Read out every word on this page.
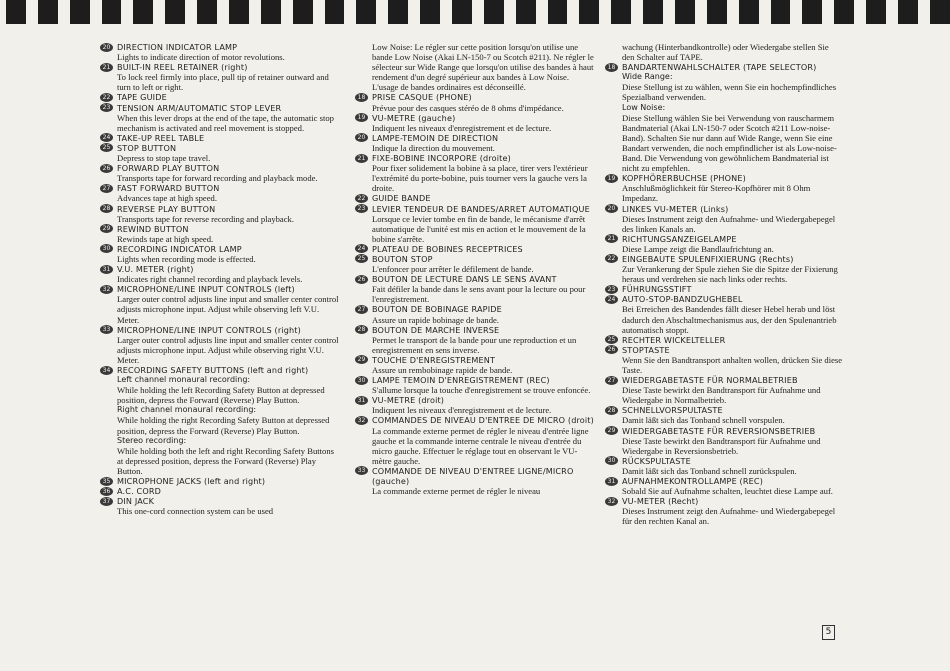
20 DIRECTION INDICATOR LAMP
Lights to indicate direction of motor revolutions.
21 BUILT-IN REEL RETAINER (right)
To lock reel firmly into place, pull tip of retainer outward and turn to left or right.
22 TAPE GUIDE
23 TENSION ARM/AUTOMATIC STOP LEVER
When this lever drops at the end of the tape, the automatic stop mechanism is activated and reel movement is stopped.
24 TAKE-UP REEL TABLE
25 STOP BUTTON
Depress to stop tape travel.
26 FORWARD PLAY BUTTON
Transports tape for forward recording and playback mode.
27 FAST FORWARD BUTTON
Advances tape at high speed.
28 REVERSE PLAY BUTTON
Transports tape for reverse recording and playback.
29 REWIND BUTTON
Rewinds tape at high speed.
30 RECORDING INDICATOR LAMP
Lights when recording mode is effected.
31 V.U. METER (right)
Indicates right channel recording and playback levels.
32 MICROPHONE/LINE INPUT CONTROLS (left)
Larger outer control adjusts line input and smaller center control adjusts microphone input. Adjust while observing left V.U. Meter.
33 MICROPHONE/LINE INPUT CONTROLS (right)
Larger outer control adjusts line input and smaller center control adjusts microphone input. Adjust while observing right V.U. Meter.
34 RECORDING SAFETY BUTTONS (left and right)
Left channel monaural recording:
While holding the left Recording Safety Button at depressed position, depress the Forward (Reverse) Play Button.
Right channel monaural recording:
While holding the right Recording Safety Button at depressed position, depress the Forward (Reverse) Play Button.
Stereo recording:
While holding both the left and right Recording Safety Buttons at depressed position, depress the Forward (Reverse) Play Button.
35 MICROPHONE JACKS (left and right)
36 A.C. CORD
37 DIN JACK
This one-cord connection system can be used
Low Noise: Le régler sur cette position lorsqu'on utilise une bande Low Noise (Akai LN-150-7 ou Scotch #211). Ne régler le sélecteur sur Wide Range que lorsqu'on utilise des bandes à haut rendement d'un degré supérieur aux bandes à Low Noise. L'usage de bandes ordinaires est déconseillé.
18 PRISE CASQUE (PHONE)
Prévue pour des casques stéréo de 8 ohms d'impédance.
19 VU-METRE (gauche)
Indiquent les niveaux d'enregistrement et de lecture.
20 LAMPE-TEMOIN DE DIRECTION
Indique la direction du mouvement.
21 FIXE-BOBINE INCORPORE (droite)
Pour fixer solidement la bobine à sa place, tirer vers l'extérieur l'extrémité du porte-bobine, puis tourner vers la gauche vers la droite.
22 GUIDE BANDE
23 LEVIER TENDEUR DE BANDES/ARRET AUTOMATIQUE
Lorsque ce levier tombe en fin de bande, le mécanisme d'arrêt automatique de l'unité est mis en action et le mouvement de la bobine s'arrête.
24 PLATEAU DE BOBINES RECEPTRICES
25 BOUTON STOP
L'enfoncer pour arrêter le défilement de bande.
26 BOUTON DE LECTURE DANS LE SENS AVANT
Fait défiler la bande dans le sens avant pour la lecture ou pour l'enregistrement.
27 BOUTON DE BOBINAGE RAPIDE
Assure un rapide bobinage de bande.
28 BOUTON DE MARCHE INVERSE
Permet le transport de la bande pour une reproduction et un enregistrement en sens inverse.
29 TOUCHE D'ENREGISTREMENT
Assure un rembobinage rapide de bande.
30 LAMPE TEMOIN D'ENREGISTREMENT (REC)
S'allume lorsque la touche d'enregistrement se trouve enfoncée.
31 VU-METRE (droit)
Indiquent les niveaux d'enregistrement et de lecture.
32 COMMANDES DE NIVEAU D'ENTREE DE MICRO (droit)
La commande externe permet de régler le niveau d'entrée ligne gauche et la commande interne centrale le niveau d'entrée du micro gauche. Effectuer le réglage tout en observant le VU-mètre gauche.
33 COMMANDE DE NIVEAU D'ENTREE LIGNE/MICRO (gauche)
La commande externe permet de régler le niveau
wachung (Hinterbandkontrolle) oder Wiedergabe stellen Sie den Schalter auf TAPE.
18 BANDARTENWAHLSCHALTER (TAPE SELECTOR)
Wide Range:
Diese Stellung ist zu wählen, wenn Sie ein hochempfindliches Spezialband verwenden.
Low Noise:
Diese Stellung wählen Sie bei Verwendung von rauscharmem Bandmaterial (Akai LN-150-7 oder Scotch #211 Low-noise-Band). Schalten Sie nur dann auf Wide Range, wenn Sie eine Bandart verwenden, die noch empfindlicher ist als Low-noise-Band. Die Verwendung von gewöhnlichem Bandmaterial ist nicht zu empfehlen.
19 KOPFHÖRERBUCHSE (PHONE)
Anschlußmöglichkeit für Stereo-Kopfhörer mit 8 Ohm Impedanz.
20 LINKES VU-METER (Links)
Dieses Instrument zeigt den Aufnahme- und Wiedergabepegel des linken Kanals an.
21 RICHTUNGSANZEIGELAMPE
Diese Lampe zeigt die Bandlaufrichtung an.
22 EINGEBAUTE SPULENFIXIERUNG (Rechts)
Zur Verankerung der Spule ziehen Sie die Spitze der Fixierung heraus und verdrehen sie nach links oder rechts.
23 FÜHRUNGSSTIFT
24 AUTO-STOP-BANDZUGHEBEL
Bei Erreichen des Bandendes fällt dieser Hebel herab und löst dadurch den Abschaltmechanismus aus, der den Spulenantrieb automatisch stoppt.
25 RECHTER WICKELTELLER
26 STOPTASTE
Wenn Sie den Bandtransport anhalten wollen, drücken Sie diese Taste.
27 WIEDERGABETASTE FÜR NORMALBETRIEB
Diese Taste bewirkt den Bandtransport für Aufnahme und Wiedergabe in Normalbetrieb.
28 SCHNELLVORSPULTASTE
Damit läßt sich das Tonband schnell vorspulen.
29 WIEDERGABETASTE FÜR REVERSIONSBETRIEB
Diese Taste bewirkt den Bandtransport für Aufnahme und Wiedergabe in Reversionsbetrieb.
30 RÜCKSPULTASTE
Damit läßt sich das Tonband schnell zurückspulen.
31 AUFNAHMEKONTROLLAMPE (REC)
Sobald Sie auf Aufnahme schalten, leuchtet diese Lampe auf.
32 VU-METER (Recht)
Dieses Instrument zeigt den Aufnahme- und Wiedergabepegel für den rechten Kanal an.
5
